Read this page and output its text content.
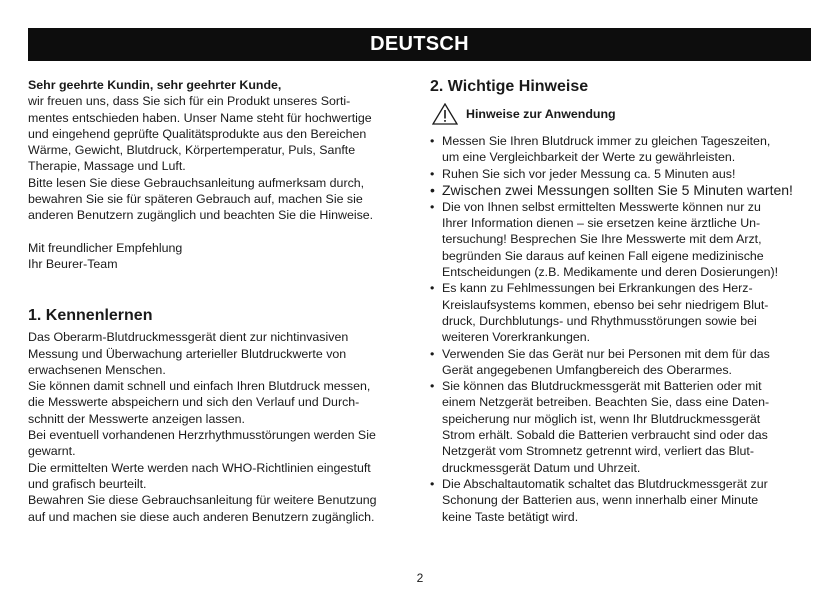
DEUTSCH

Sehr geehrte Kundin, sehr geehrter Kunde,

wir freuen uns, dass Sie sich für ein Produkt unseres Sorti-
mentes entschieden haben. Unser Name steht für hochwertige
und eingehend geprüfte Qualitätsprodukte aus den Bereichen
Wärme, Gewicht, Blutdruck, Körpertemperatur, Puls, Sanfte
Therapie, Massage und Luft.
Bitte lesen Sie diese Gebrauchsanleitung aufmerksam durch,
bewahren Sie sie für späteren Gebrauch auf, machen Sie sie
anderen Benutzern zugänglich und beachten Sie die Hinweise.

Mit freundlicher Empfehlung
Ihr Beurer-Team

1. Kennenlernen

Das Oberarm-Blutdruckmessgerät dient zur nichtinvasiven
Messung und Überwachung arterieller Blutdruckwerte von
erwachsenen Menschen.
Sie können damit schnell und einfach Ihren Blutdruck messen,
die Messwerte abspeichern und sich den Verlauf und Durch-
schnitt der Messwerte anzeigen lassen.
Bei eventuell vorhandenen Herzrhythmusstörungen werden Sie
gewarnt.
Die ermittelten Werte werden nach WHO-Richtlinien eingestuft
und grafisch beurteilt.
Bewahren Sie diese Gebrauchsanleitung für weitere Benutzung
auf und machen sie diese auch anderen Benutzern zugänglich.

2. Wichtige Hinweise
Hinweise zur Anwendung
• Messen Sie Ihren Blutdruck immer zu gleichen Tageszeiten,
um eine Vergleichbarkeit der Werte zu gewährleisten.
• Ruhen Sie sich vor jeder Messung ca. 5 Minuten aus!
• Zwischen zwei Messungen sollten Sie 5 Minuten warten!
• Die von Ihnen selbst ermittelten Messwerte können nur zu
Ihrer Information dienen – sie ersetzen keine ärztliche Un-
tersuchung! Besprechen Sie Ihre Messwerte mit dem Arzt,
begründen Sie daraus auf keinen Fall eigene medizinische
Entscheidungen (z.B. Medikamente und deren Dosierungen)!
• Es kann zu Fehlmessungen bei Erkrankungen des Herz-
Kreislaufsystems kommen, ebenso bei sehr niedrigem Blut-
druck, Durchblutungs- und Rhythmusstörungen sowie bei
weiteren Vorerkrankungen.
• Verwenden Sie das Gerät nur bei Personen mit dem für das
Gerät angegebenen Umfangbereich des Oberarmes.
• Sie können das Blutdruckmessgerät mit Batterien oder mit
einem Netzgerät betreiben. Beachten Sie, dass eine Daten-
speicherung nur möglich ist, wenn Ihr Blutdruckmessgerät
Strom erhält. Sobald die Batterien verbraucht sind oder das
Netzgerät vom Stromnetz getrennt wird, verliert das Blut-
druckmessgerät Datum und Uhrzeit.
• Die Abschaltautomatik schaltet das Blutdruckmessgerät zur
Schonung der Batterien aus, wenn innerhalb einer Minute
keine Taste betätigt wird.
2
